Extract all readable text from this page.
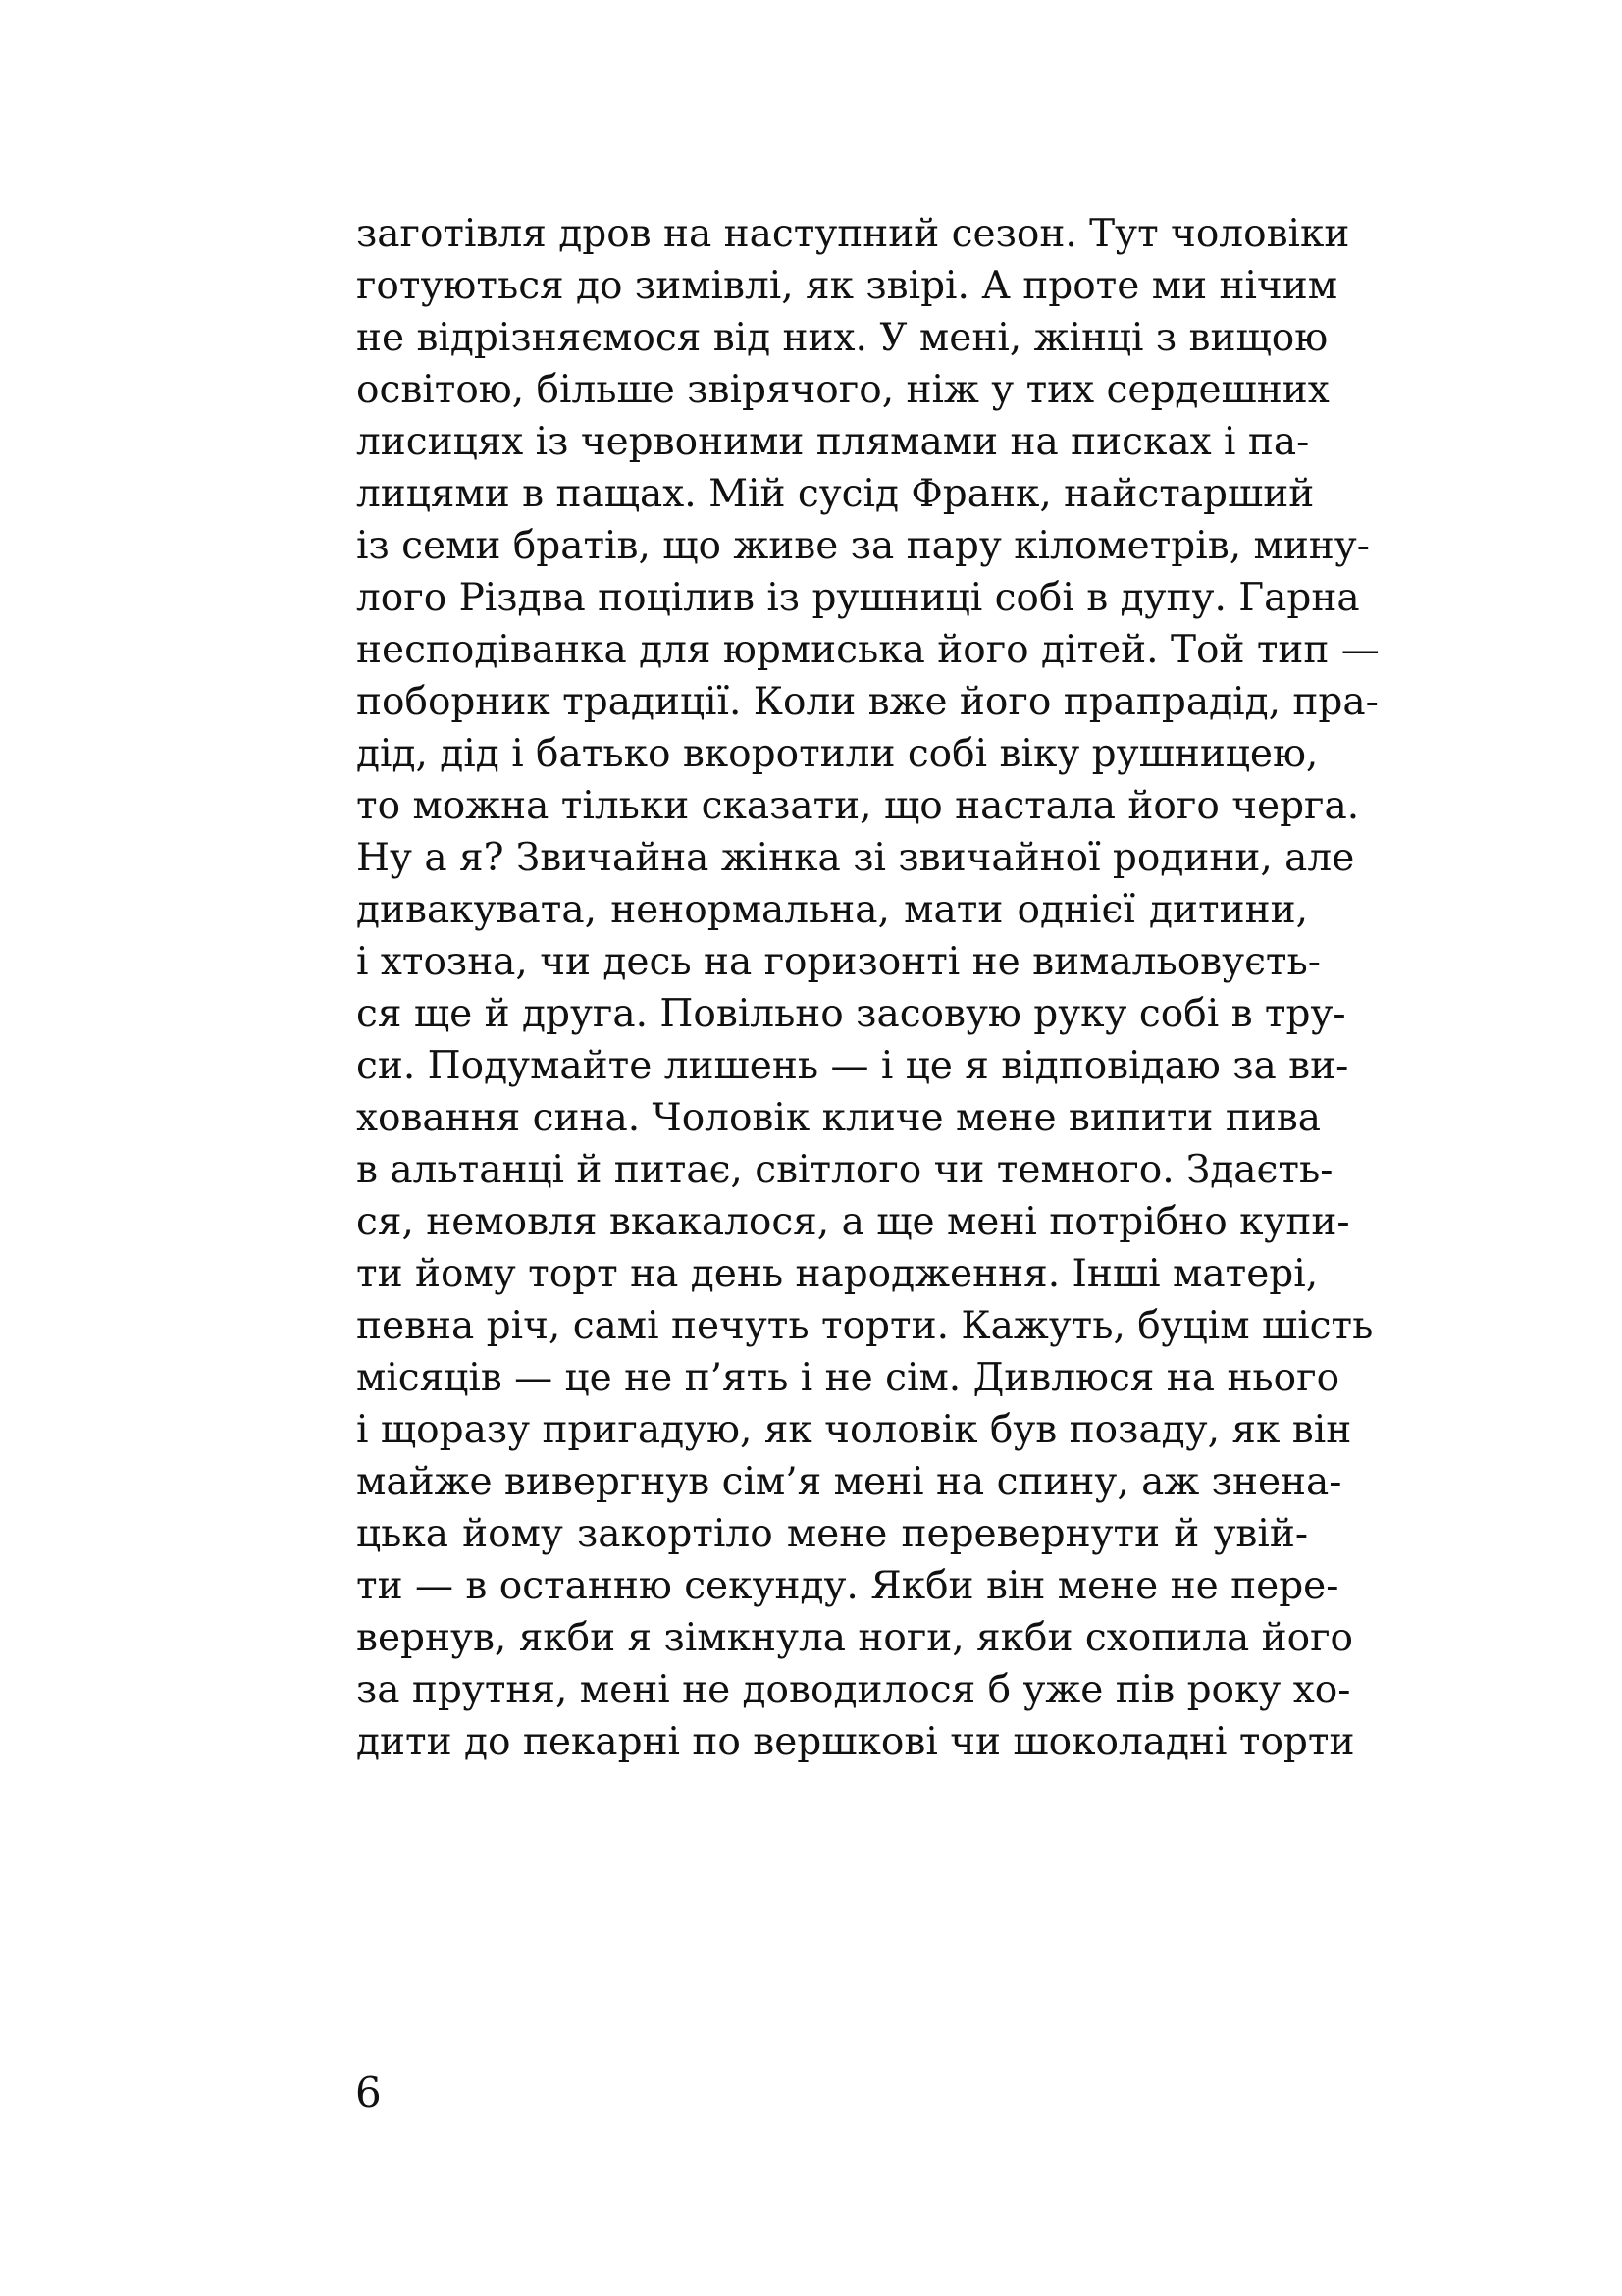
заготівля дров на наступний сезон. Тут чоловіки
готуються до зимівлі, як звірі. А проте ми нічим
не відрізняємося від них. У мені, жінці з вищою
освітою, більше звірячого, ніж у тих сердешних
лисицях із червоними плямами на писках і па-
лицями в пащах. Мій сусід Франк, найстарший
із семи братів, що живе за пару кілометрів, мину-
лого Різдва поцілив із рушниці собі в дупу. Гарна
несподіванка для юрмиська його дітей. Той тип —
поборник традиції. Коли вже його прапрадід, пра-
дід, дід і батько вкоротили собі віку рушницею,
то можна тільки сказати, що настала його черга.
Ну а я? Звичайна жінка зі звичайної родини, але
дивакувата, ненормальна, мати однієї дитини,
і хтозна, чи десь на горизонті не вимальовуєть-
ся ще й друга. Повільно засовую руку собі в тру-
си. Подумайте лишень — і це я відповідаю за ви-
ховання сина. Чоловік кличе мене випити пива
в альтанці й питає, світлого чи темного. Здаєть-
ся, немовля вкакалося, а ще мені потрібно купи-
ти йому торт на день народження. Інші матері,
певна річ, самі печуть торти. Кажуть, буцім шість
місяців — це не п’ять і не сім. Дивлюся на нього
і щоразу пригадую, як чоловік був позаду, як він
майже вивергнув сім’я мені на спину, аж знена-
цька йому закортіло мене перевернути й увій-
ти — в останню секунду. Якби він мене не пере-
вернув, якби я зімкнула ноги, якби схопила його
за прутня, мені не доводилося б уже пів року хо-
дити до пекарні по вершкові чи шоколадні торти
6
